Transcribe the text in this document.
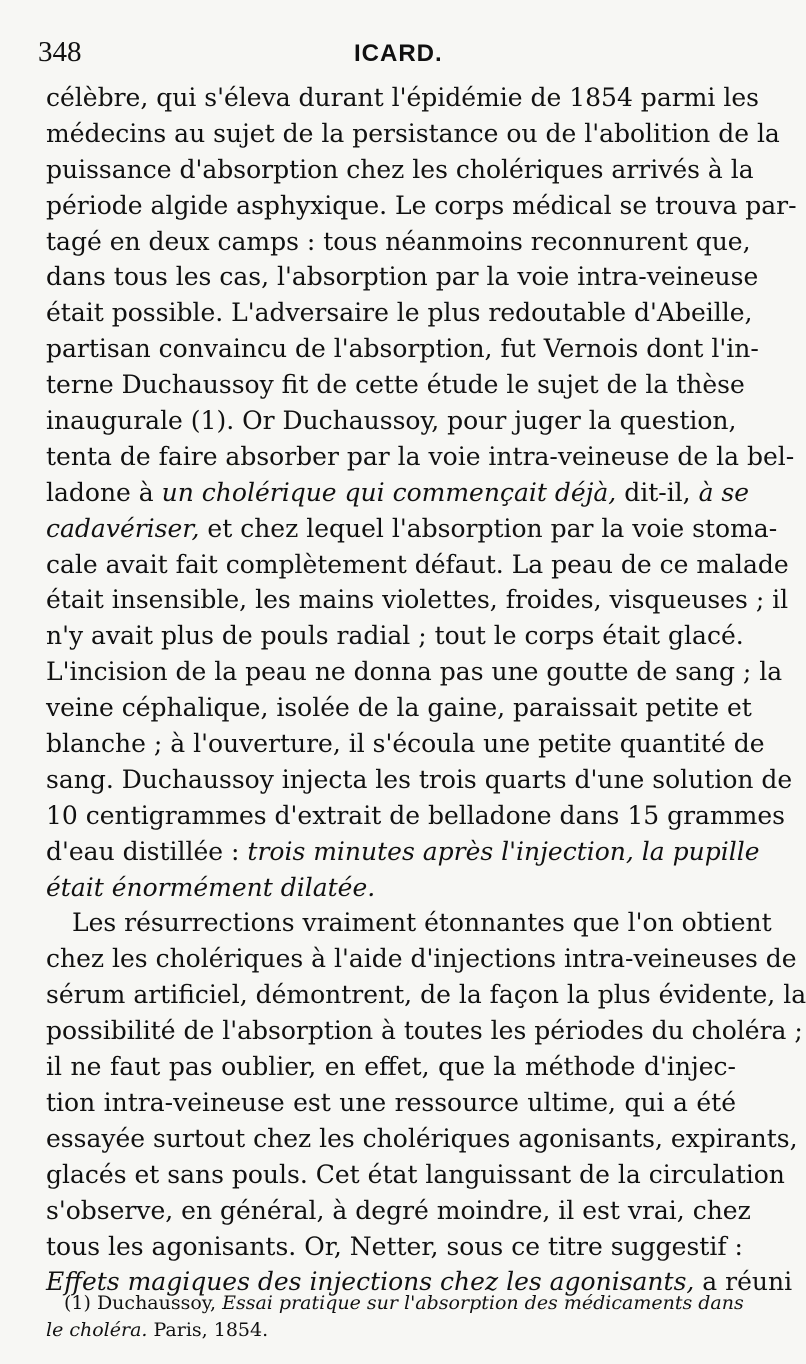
348	ICARD.
célèbre, qui s'éleva durant l'épidémie de 1854 parmi les
médecins au sujet de la persistance ou de l'abolition de la
puissance d'absorption chez les cholériques arrivés à la
période algide asphyxique. Le corps médical se trouva par-
tagé en deux camps : tous néanmoins reconnurent que,
dans tous les cas, l'absorption par la voie intra-veineuse
était possible. L'adversaire le plus redoutable d'Abeille,
partisan convaincu de l'absorption, fut Vernois dont l'in-
terne Duchaussoy fit de cette étude le sujet de la thèse
inaugurale (1). Or Duchaussoy, pour juger la question,
tenta de faire absorber par la voie intra-veineuse de la bel-
ladone à un cholérique qui commençait déjà, dit-il, à se
cadavériser, et chez lequel l'absorption par la voie stoma-
cale avait fait complètement défaut. La peau de ce malade
était insensible, les mains violettes, froides, visqueuses ; il
n'y avait plus de pouls radial ; tout le corps était glacé.
L'incision de la peau ne donna pas une goutte de sang ; la
veine céphalique, isolée de la gaine, paraissait petite et
blanche ; à l'ouverture, il s'écoula une petite quantité de
sang. Duchaussoy injecta les trois quarts d'une solution de
10 centigrammes d'extrait de belladone dans 15 grammes
d'eau distillée : trois minutes après l'injection, la pupille
était énormément dilatée.
Les résurrections vraiment étonnantes que l'on obtient
chez les cholériques à l'aide d'injections intra-veineuses de
sérum artificiel, démontrent, de la façon la plus évidente, la
possibilité de l'absorption à toutes les périodes du choléra ;
il ne faut pas oublier, en effet, que la méthode d'injec-
tion intra-veineuse est une ressource ultime, qui a été
essayée surtout chez les cholériques agonisants, expirants,
glacés et sans pouls. Cet état languissant de la circulation
s'observe, en général, à degré moindre, il est vrai, chez
tous les agonisants. Or, Netter, sous ce titre suggestif :
Effets magiques des injections chez les agonisants, a réuni
(1) Duchaussoy, Essai pratique sur l'absorption des médicaments dans
le choléra. Paris, 1854.
